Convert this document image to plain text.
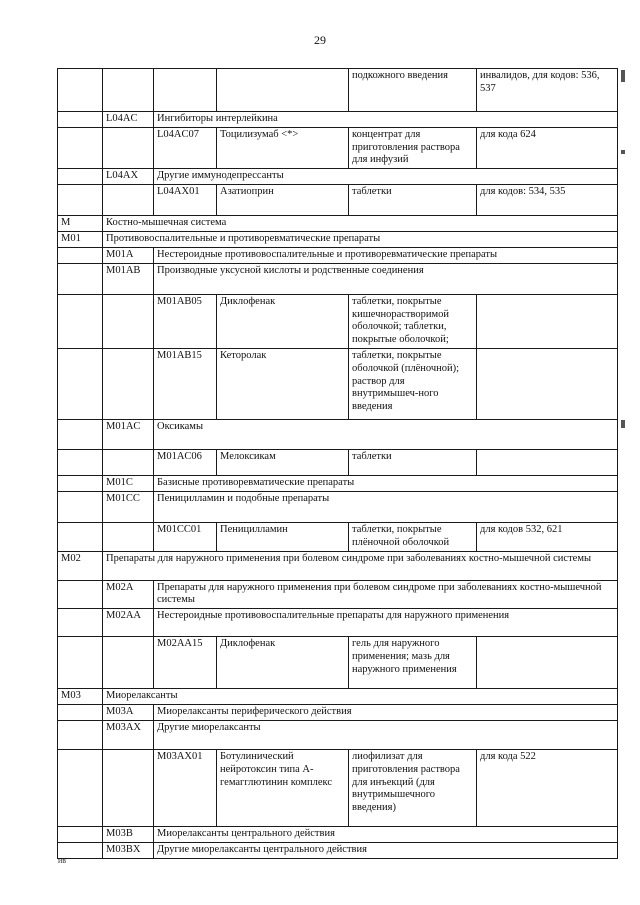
29
				подкожного введения	инвалидов, для кодов: 536, 537
	L04AC	Ингибиторы интерлейкина			
		L04AC07	Тоцилизумаб <*>	концентрат для приготовления раствора для инфузий	для кода 624
	L04AX	Другие иммунодепрессанты			
		L04AX01	Азатиоприн	таблетки	для кодов: 534, 535
M	Костно-мышечная система				
M01	Противовоспалительные и противоревматические препараты				
	M01A	Нестероидные противовоспалительные и противоревматические препараты			
	M01AB	Производные уксусной кислоты и родственные соединения			
		M01AB05	Диклофенак	таблетки, покрытые кишечнорастворимой оболочкой; таблетки, покрытые оболочкой;	
		M01AB15	Кеторолак	таблетки, покрытые оболочкой (плёночной); раствор для внутримышеч-ного введения	
	M01AC	Оксикамы			
		M01AC06	Мелоксикам	таблетки	
	M01C	Базисные противоревматические препараты			
	M01CC	Пеницилламин и подобные препараты			
		M01CC01	Пеницилламин	таблетки, покрытые плёночной оболочкой	для кодов 532, 621
M02	Препараты для наружного применения при болевом синдроме при заболеваниях костно-мышечной системы				
	M02A	Препараты для наружного применения при болевом синдроме при заболеваниях костно-мышечной системы			
	M02AA	Нестероидные противовоспалительные препараты для наружного применения			
		M02AA15	Диклофенак	гель для наружного применения; мазь для наружного применения	
M03	Миорелаксанты				
	M03A	Миорелаксанты периферического действия			
	M03AX	Другие миорелаксанты			
		M03AX01	Ботулинический нейротоксин типа А-гемагглютинин комплекс	лиофилизат для приготовления раствора для инъекций (для внутримышечного введения)	для кода 522
	M03B	Миорелаксанты центрального действия			
	M03BX	Другие миорелаксанты центрального действия			
ив
